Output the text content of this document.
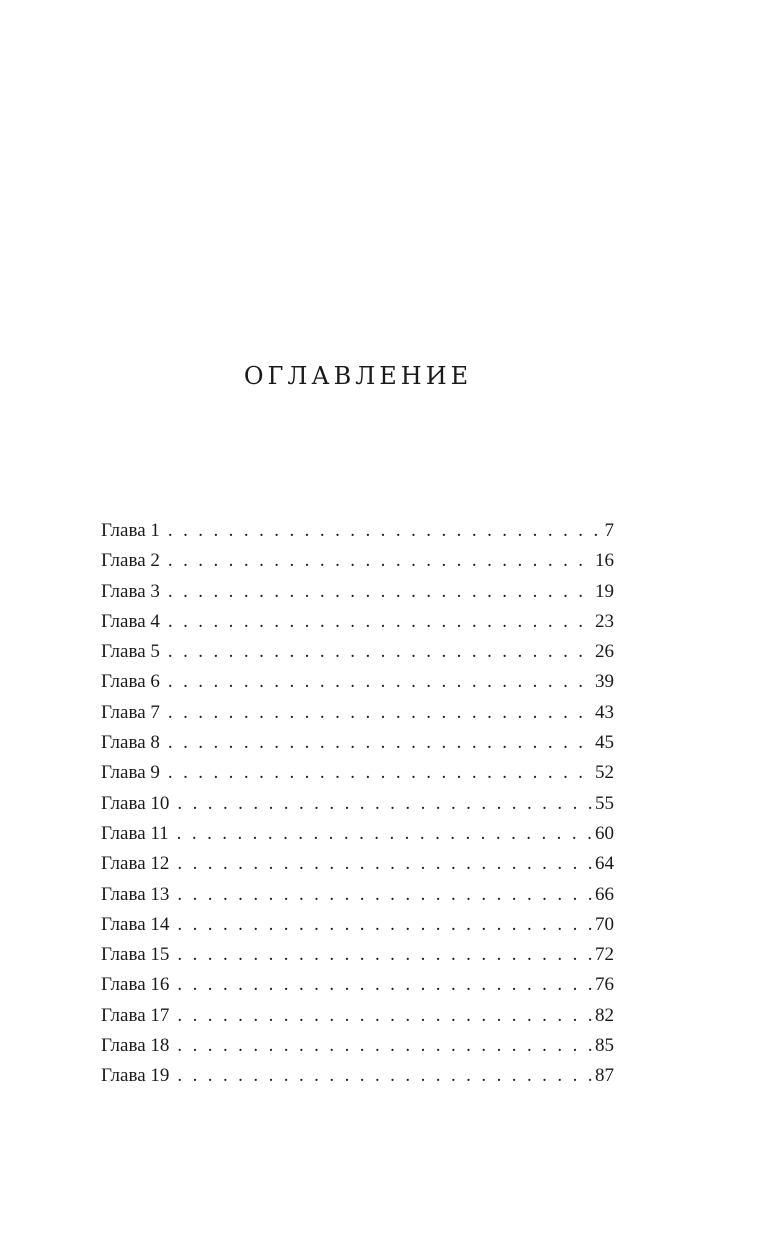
ОГЛАВЛЕНИЕ
Глава 1 . . .	7
Глава 2 . . .	16
Глава 3 . . .	19
Глава 4 . . .	23
Глава 5 . . .	26
Глава 6 . . .	39
Глава 7 . . .	43
Глава 8 . . .	45
Глава 9 . . .	52
Глава 10 . . .	55
Глава 11 . . .	60
Глава 12 . . .	64
Глава 13 . . .	66
Глава 14 . . .	70
Глава 15 . . .	72
Глава 16 . . .	76
Глава 17 . . .	82
Глава 18 . . .	85
Глава 19 . . .	87
